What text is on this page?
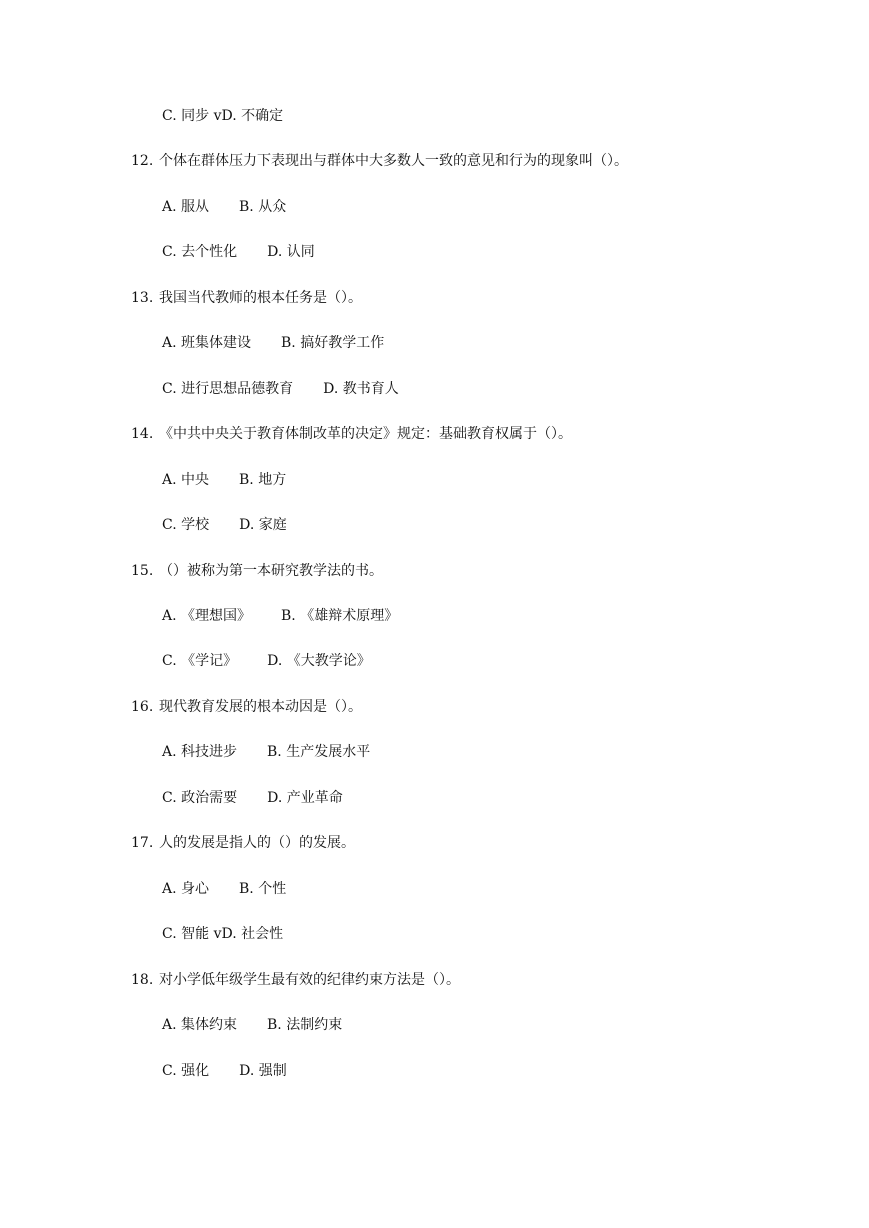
C. 同步 vD. 不确定
12. 个体在群体压力下表现出与群体中大多数人一致的意见和行为的现象叫（）。
A. 服从 B. 从众
C. 去个性化 D. 认同
13. 我国当代教师的根本任务是（）。
A. 班集体建设 B. 搞好教学工作
C. 进行思想品德教育 D. 教书育人
14. 《中共中央关于教育体制改革的决定》规定：基础教育权属于（）。
A. 中央 B. 地方
C. 学校 D. 家庭
15. （）被称为第一本研究教学法的书。
A. 《理想国》 B. 《雄辩术原理》
C. 《学记》 D. 《大教学论》
16. 现代教育发展的根本动因是（）。
A. 科技进步 B. 生产发展水平
C. 政治需要 D. 产业革命
17. 人的发展是指人的（）的发展。
A. 身心 B. 个性
C. 智能 vD. 社会性
18. 对小学低年级学生最有效的纪律约束方法是（）。
A. 集体约束 B. 法制约束
C. 强化 D. 强制
